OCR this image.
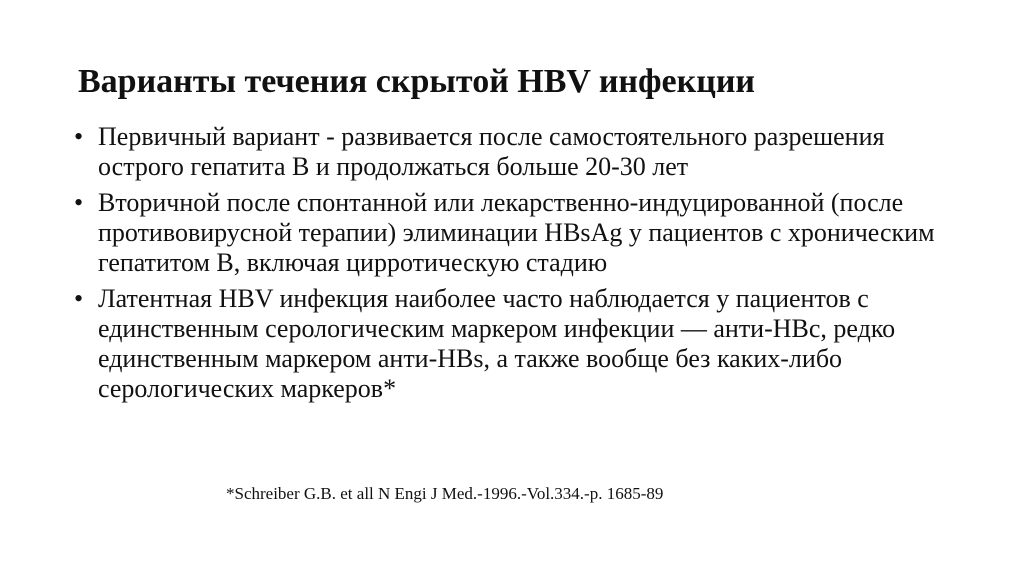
Варианты течения скрытой HBV инфекции
• Первичный вариант - развивается после самостоятельного разрешения острого гепатита В и продолжаться больше 20-30 лет
• Вторичной после спонтанной или лекарственно-индуцированной (после противовирусной терапии) элиминации HBsAg у пациентов с хроническим гепатитом В, включая цирротическую стадию
• Латентная HBV инфекция наиболее часто наблюдается у пациентов с единственным серологическим маркером инфекции — анти-HBc, редко единственным маркером анти-HBs, а также вообще без каких-либо серологических маркеров*
*Schreiber G.B. et all N Engi J Med.-1996.-Vol.334.-p. 1685-89
